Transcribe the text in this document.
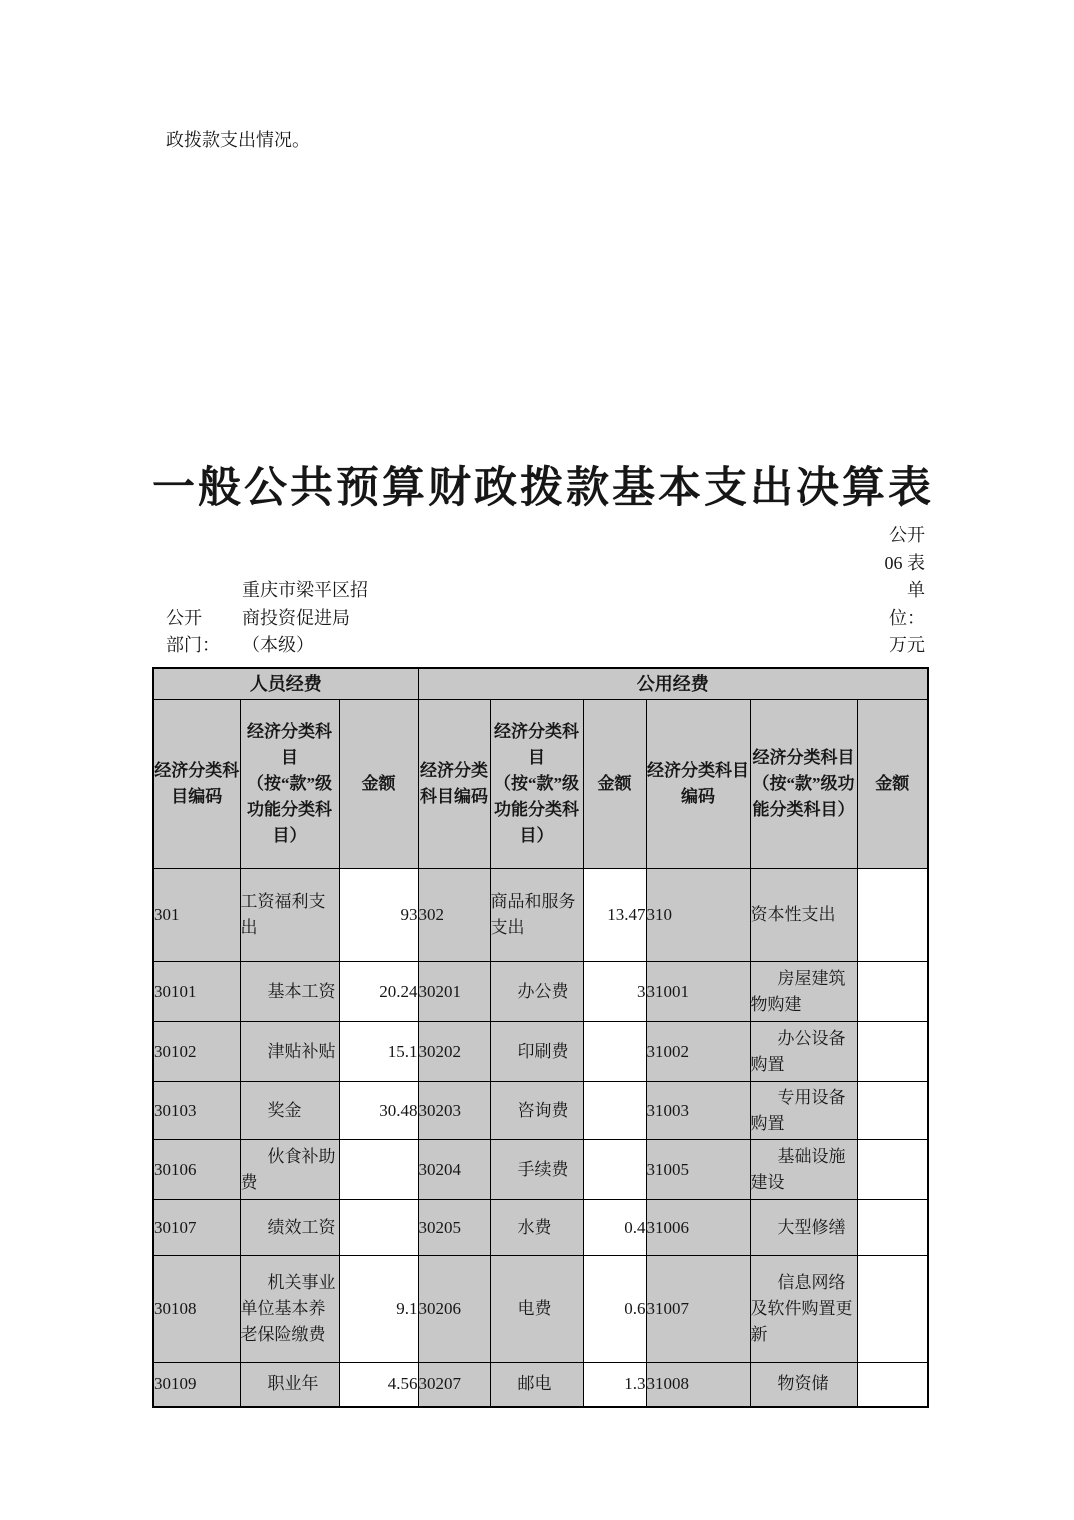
政拨款支出情况。
一般公共预算财政拨款基本支出决算表
公开
部门：
重庆市梁平区招
商投资促进局
（本级）
公开
06 表
单
位：
万元
人员经费			公用经费					
经济分类科目编码	经济分类科目（按“款”级功能分类科目）	金额	经济分类科目编码	经济分类科目（按“款”级功能分类科目）	金额	经济分类科目编码	经济分类科目（按“款”级功能分类科目）	金额
301	工资福利支出	93	302	商品和服务支出	13.47	310	资本性支出	
30101	基本工资	20.24	30201	办公费	3	31001	房屋建筑物购建	
30102	津贴补贴	15.1	30202	印刷费		31002	办公设备购置	
30103	奖金	30.48	30203	咨询费		31003	专用设备购置	
30106	伙食补助费		30204	手续费		31005	基础设施建设	
30107	绩效工资		30205	水费	0.4	31006	大型修缮	
30108	机关事业单位基本养老保险缴费	9.1	30206	电费	0.6	31007	信息网络及软件购置更新	
30109	职业年	4.56	30207	邮电	1.3	31008	物资储	
